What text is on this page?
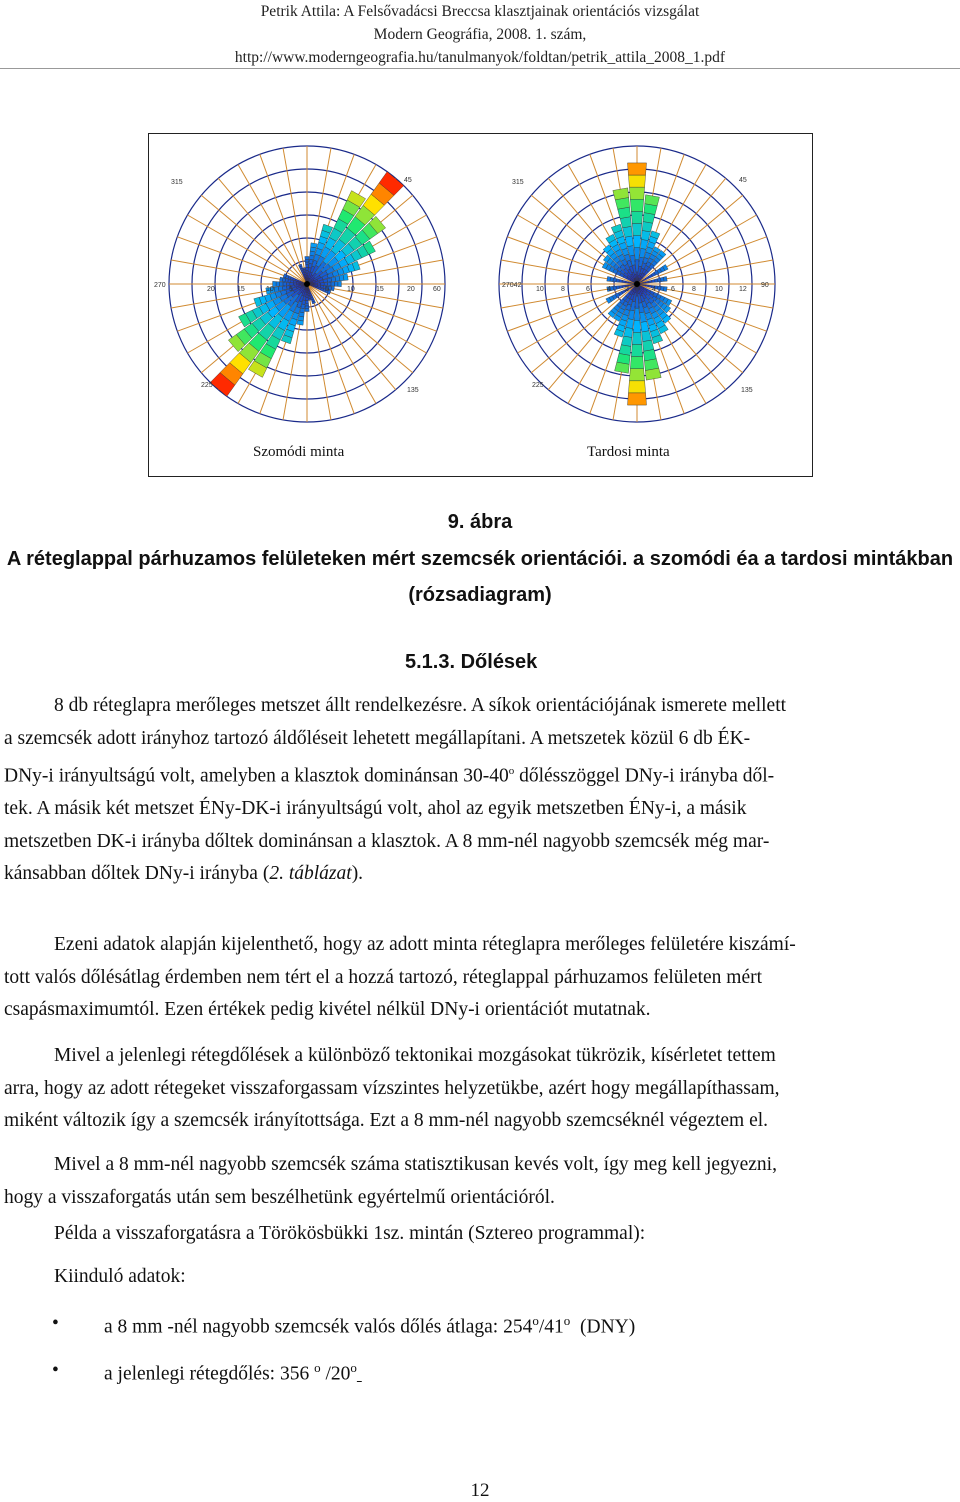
Petrik Attila: A Felsővadácsi Breccsa klasztjainak orientációs vizsgálat
Modern Geográfia, 2008. 1. szám,
http://www.moderngeografia.hu/tanulmanyok/foldtan/petrik_attila_2008_1.pdf
315	45
270
20	15	10 5	5	10	15	20	60
225
135
315	45
27042
10 8	6 4 2	4 6 8	10 12
90
225
135
Szomódi minta	Tardosi minta
9. ábra
A réteglappal párhuzamos felületeken mért szemcsék orientációi. a szomódi éa a tardosi mintákban
(rózsadiagram)
5.1.3. Dőlések
8 db réteglapra merőleges metszet állt rendelkezésre. A síkok orientációjának ismerete mellett
a szemcsék adott irányhoz tartozó áldőléseit lehetett megállapítani. A metszetek közül 6 db ÉK-
DNy-i irányultságú volt, amelyben a klasztok dominánsan 30-40$^o$ dőlésszöggel DNy-i irányba dől-
tek. A másik két metszet ÉNy-DK-i irányultságú volt, ahol az egyik metszetben ÉNy-i, a másik
metszetben DK-i irányba dőltek dominánsan a klasztok. A 8 mm-nél nagyobb szemcsék még mar-
kánsabban dőltek DNy-i irányba (2. táblázat).
Ezeni adatok alapján kijelenthető, hogy az adott minta réteglapra merőleges felületére kiszámí-
tott valós dőlésátlag érdemben nem tért el a hozzá tartozó, réteglappal párhuzamos felületen mért
csapásmaximumtól. Ezen értékek pedig kivétel nélkül DNy-i orientációt mutatnak.
Mivel a jelenlegi rétegdőlések a különböző tektonikai mozgásokat tükrözik, kísérletet tettem
arra, hogy az adott rétegeket visszaforgassam vízszintes helyzetükbe, azért hogy megállapíthassam,
miként változik így a szemcsék irányítottsága. Ezt a 8 mm-nél nagyobb szemcséknél végeztem el.
Mivel a 8 mm-nél nagyobb szemcsék száma statisztikusan kevés volt, így meg kell jegyezni,
hogy a visszaforgatás után sem beszélhetünk egyértelmű orientációról.
Példa a visszaforgatásra a Törökösbükki 1sz. mintán (Sztereo programmal):
Kiinduló adatok:
• a 8 mm -nél nagyobb szemcsék valós dőlés átlaga: 254$^o$/41$^o$  (DNY)
• a jelenlegi rétegdőlés: 356 $^o$ /20$^o$
12
